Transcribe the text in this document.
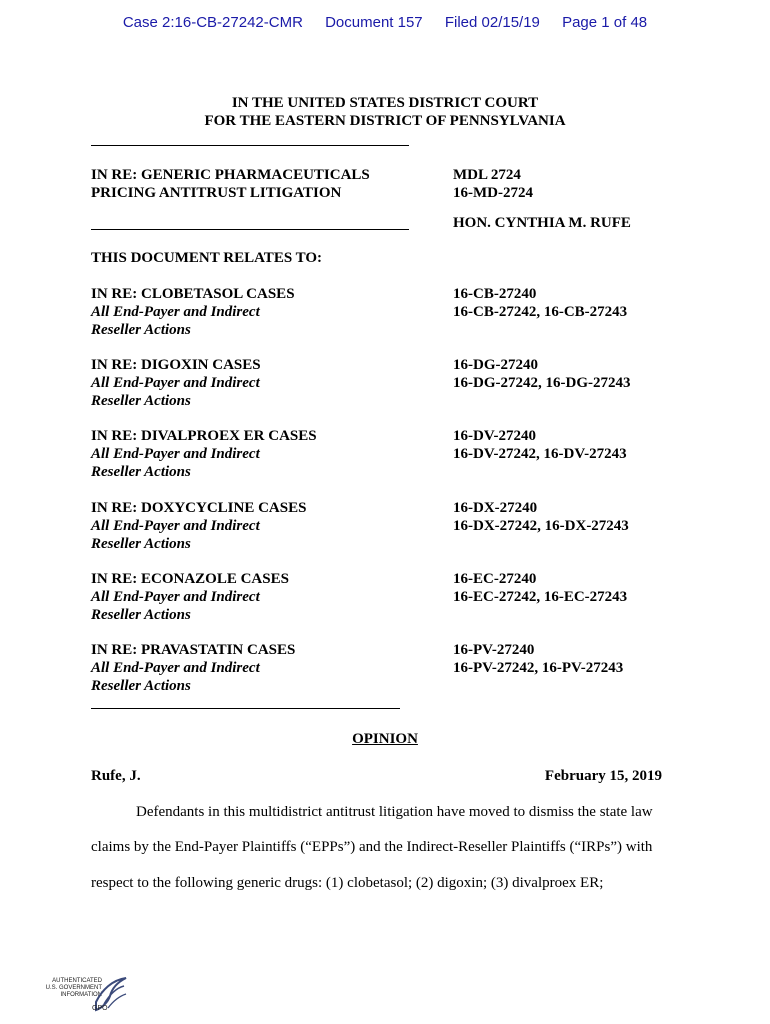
Case 2:16-CB-27242-CMR Document 157 Filed 02/15/19 Page 1 of 48
IN THE UNITED STATES DISTRICT COURT
FOR THE EASTERN DISTRICT OF PENNSYLVANIA
IN RE: GENERIC PHARMACEUTICALS
PRICING ANTITRUST LITIGATION
MDL 2724
16-MD-2724
HON. CYNTHIA M. RUFE
THIS DOCUMENT RELATES TO:
IN RE: CLOBETASOL CASES
All End-Payer and Indirect
Reseller Actions
16-CB-27240
16-CB-27242, 16-CB-27243
IN RE: DIGOXIN CASES
All End-Payer and Indirect
Reseller Actions
16-DG-27240
16-DG-27242, 16-DG-27243
IN RE: DIVALPROEX ER CASES
All End-Payer and Indirect
Reseller Actions
16-DV-27240
16-DV-27242, 16-DV-27243
IN RE: DOXYCYCLINE CASES
All End-Payer and Indirect
Reseller Actions
16-DX-27240
16-DX-27242, 16-DX-27243
IN RE: ECONAZOLE CASES
All End-Payer and Indirect
Reseller Actions
16-EC-27240
16-EC-27242, 16-EC-27243
IN RE: PRAVASTATIN CASES
All End-Payer and Indirect
Reseller Actions
16-PV-27240
16-PV-27242, 16-PV-27243
OPINION
Rufe, J.	February 15, 2019
Defendants in this multidistrict antitrust litigation have moved to dismiss the state law
claims by the End-Payer Plaintiffs (“EPPs”) and the Indirect-Reseller Plaintiffs (“IRPs”) with
respect to the following generic drugs: (1) clobetasol; (2) digoxin; (3) divalproex ER;
AUTHENTICATED
U.S. GOVERNMENT
INFORMATION
GPO
